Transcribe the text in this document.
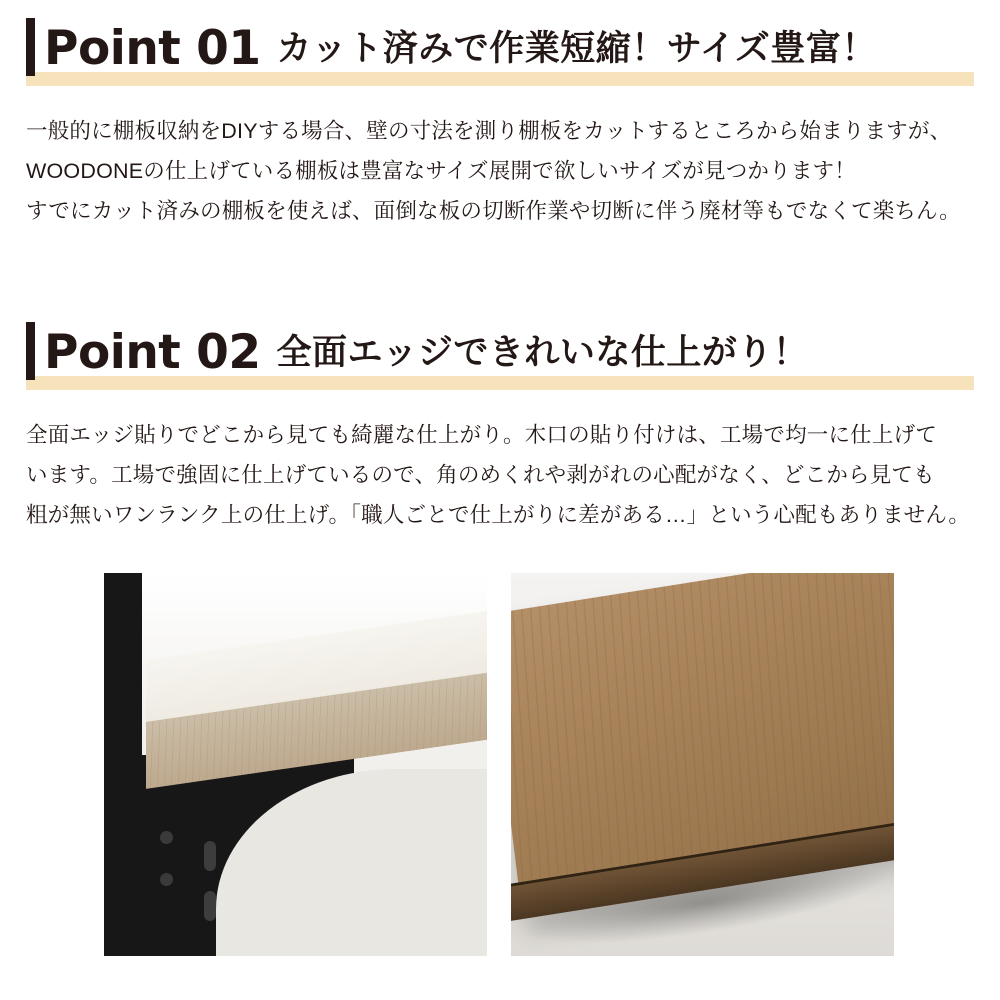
Point 01 カット済みで作業短縮！サイズ豊富！

一般的に棚板収納をDIYする場合、壁の寸法を測り棚板をカットするところから始まりますが、

WOODONEの仕上げている棚板は豊富なサイズ展開で欲しいサイズが見つかります！

すでにカット済みの棚板を使えば、面倒な板の切断作業や切断に伴う廃材等もでなくて楽ちん。

Point 02 全面エッジできれいな仕上がり！

全面エッジ貼りでどこから見ても綺麗な仕上がり。木口の貼り付けは、工場で均一に仕上げて

います。工場で強固に仕上げているので、角のめくれや剥がれの心配がなく、どこから見ても

粗が無いワンランク上の仕上げ。「職人ごとで仕上がりに差がある…」という心配もありません。
